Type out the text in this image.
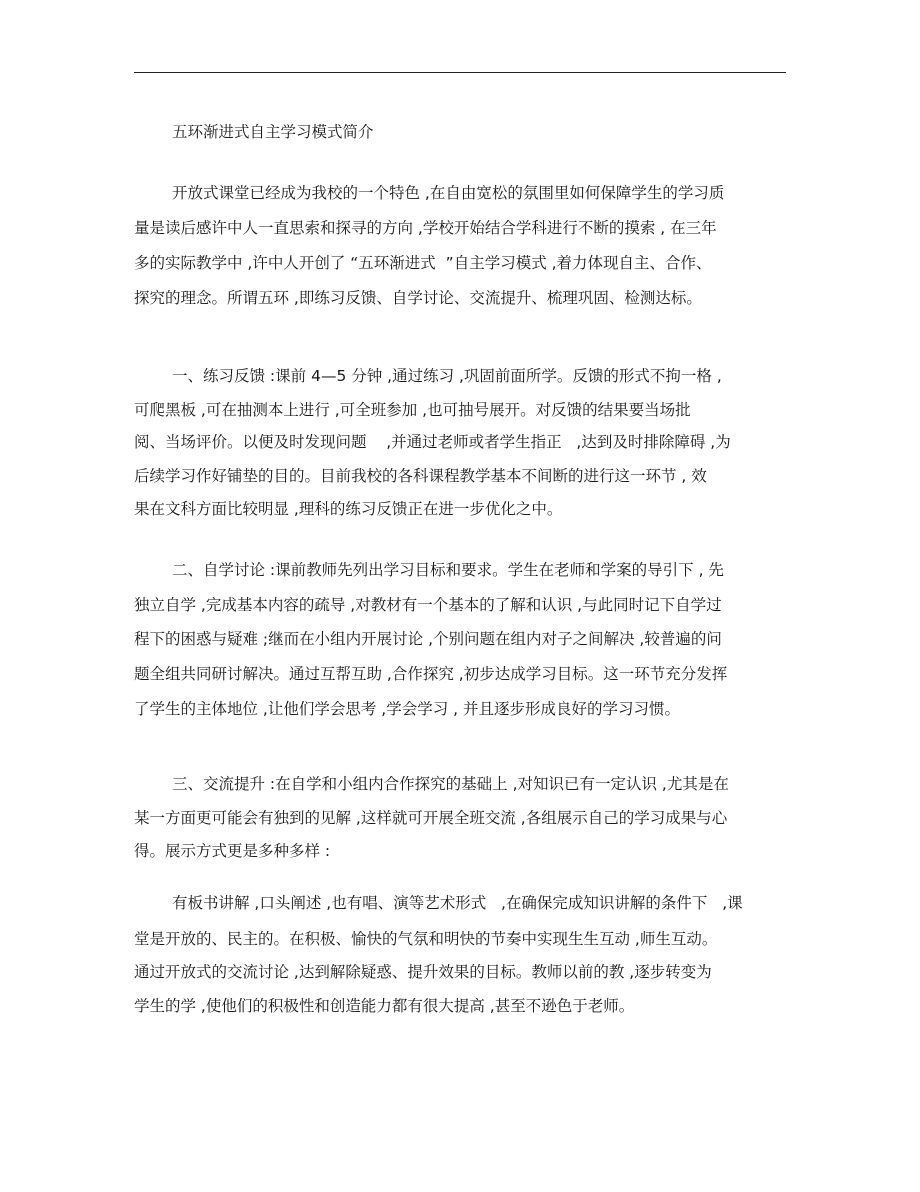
五环渐进式自主学习模式简介
开放式课堂已经成为我校的一个特色 ,在自由宽松的氛围里如何保障学生的学习质
量是读后感许中人一直思索和探寻的方向 ,学校开始结合学科进行不断的摸索 , 在三年
多的实际教学中 ,许中人开创了 “五环渐进式  ”自主学习模式 ,着力体现自主、合作、
探究的理念。所谓五环 ,即练习反馈、自学讨论、交流提升、梳理巩固、检测达标。
一、练习反馈 :课前 4—5 分钟 ,通过练习 ,巩固前面所学。反馈的形式不拘一格 ,
可爬黑板 ,可在抽测本上进行 ,可全班参加 ,也可抽号展开。对反馈的结果要当场批
阅、当场评价。以便及时发现问题    ,并通过老师或者学生指正   ,达到及时排除障碍 ,为
后续学习作好铺垫的目的。目前我校的各科课程教学基本不间断的进行这一环节 , 效
果在文科方面比较明显 ,理科的练习反馈正在进一步优化之中。
二、自学讨论 :课前教师先列出学习目标和要求。学生在老师和学案的导引下 , 先
独立自学 ,完成基本内容的疏导 ,对教材有一个基本的了解和认识 ,与此同时记下自学过
程下的困惑与疑难 ;继而在小组内开展讨论 ,个别问题在组内对子之间解决 ,较普遍的问
题全组共同研讨解决。通过互帮互助 ,合作探究 ,初步达成学习目标。这一环节充分发挥
了学生的主体地位 ,让他们学会思考 ,学会学习 , 并且逐步形成良好的学习习惯。
三、交流提升 :在自学和小组内合作探究的基础上 ,对知识已有一定认识 ,尤其是在
某一方面更可能会有独到的见解 ,这样就可开展全班交流 ,各组展示自己的学习成果与心
得。展示方式更是多种多样 :
有板书讲解 ,口头阐述 ,也有唱、演等艺术形式   ,在确保完成知识讲解的条件下   ,课
堂是开放的、民主的。在积极、愉快的气氛和明快的节奏中实现生生互动 ,师生互动。
通过开放式的交流讨论 ,达到解除疑惑、提升效果的目标。教师以前的教 ,逐步转变为
学生的学 ,使他们的积极性和创造能力都有很大提高 ,甚至不逊色于老师。
